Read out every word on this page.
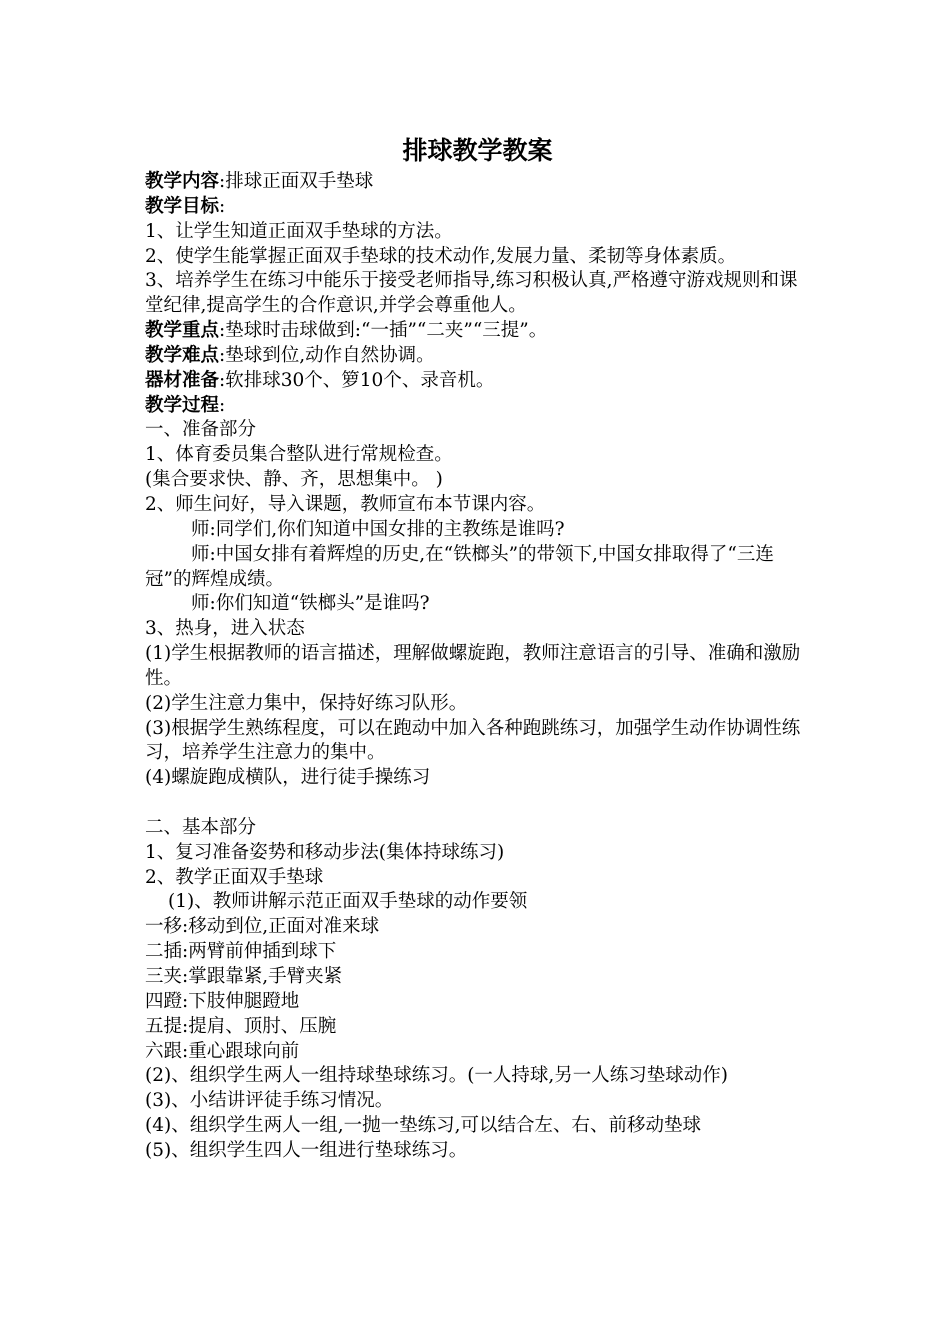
排球教学教案
教学内容:排球正面双手垫球
教学目标:
1、让学生知道正面双手垫球的方法。
2、使学生能掌握正面双手垫球的技术动作,发展力量、柔韧等身体素质。
3、培养学生在练习中能乐于接受老师指导,练习积极认真,严格遵守游戏规则和课堂纪律,提高学生的合作意识,并学会尊重他人。
教学重点:垫球时击球做到:“一插”“二夹”“三提”。
教学难点:垫球到位,动作自然协调。
器材准备:软排球30个、箩10个、录音机。
教学过程:
一、准备部分
1、体育委员集合整队进行常规检查。
(集合要求快、静、齐，思想集中。 )
2、师生问好，导入课题，教师宣布本节课内容。
师:同学们,你们知道中国女排的主教练是谁吗?
师:中国女排有着辉煌的历史,在“铁榔头”的带领下,中国女排取得了“三连冠”的辉煌成绩。
师:你们知道“铁榔头”是谁吗?
3、热身，进入状态
(1)学生根据教师的语言描述，理解做螺旋跑，教师注意语言的引导、准确和激励性。
(2)学生注意力集中，保持好练习队形。
(3)根据学生熟练程度，可以在跑动中加入各种跑跳练习，加强学生动作协调性练习，培养学生注意力的集中。
(4)螺旋跑成横队，进行徒手操练习
二、基本部分
1、复习准备姿势和移动步法(集体持球练习)
2、教学正面双手垫球
(1)、教师讲解示范正面双手垫球的动作要领
一移:移动到位,正面对准来球
二插:两臂前伸插到球下
三夹:掌跟靠紧,手臂夹紧
四蹬:下肢伸腿蹬地
五提:提肩、顶肘、压腕
六跟:重心跟球向前
(2)、组织学生两人一组持球垫球练习。(一人持球,另一人练习垫球动作)
(3)、小结讲评徒手练习情况。
(4)、组织学生两人一组,一抛一垫练习,可以结合左、右、前移动垫球
(5)、组织学生四人一组进行垫球练习。
